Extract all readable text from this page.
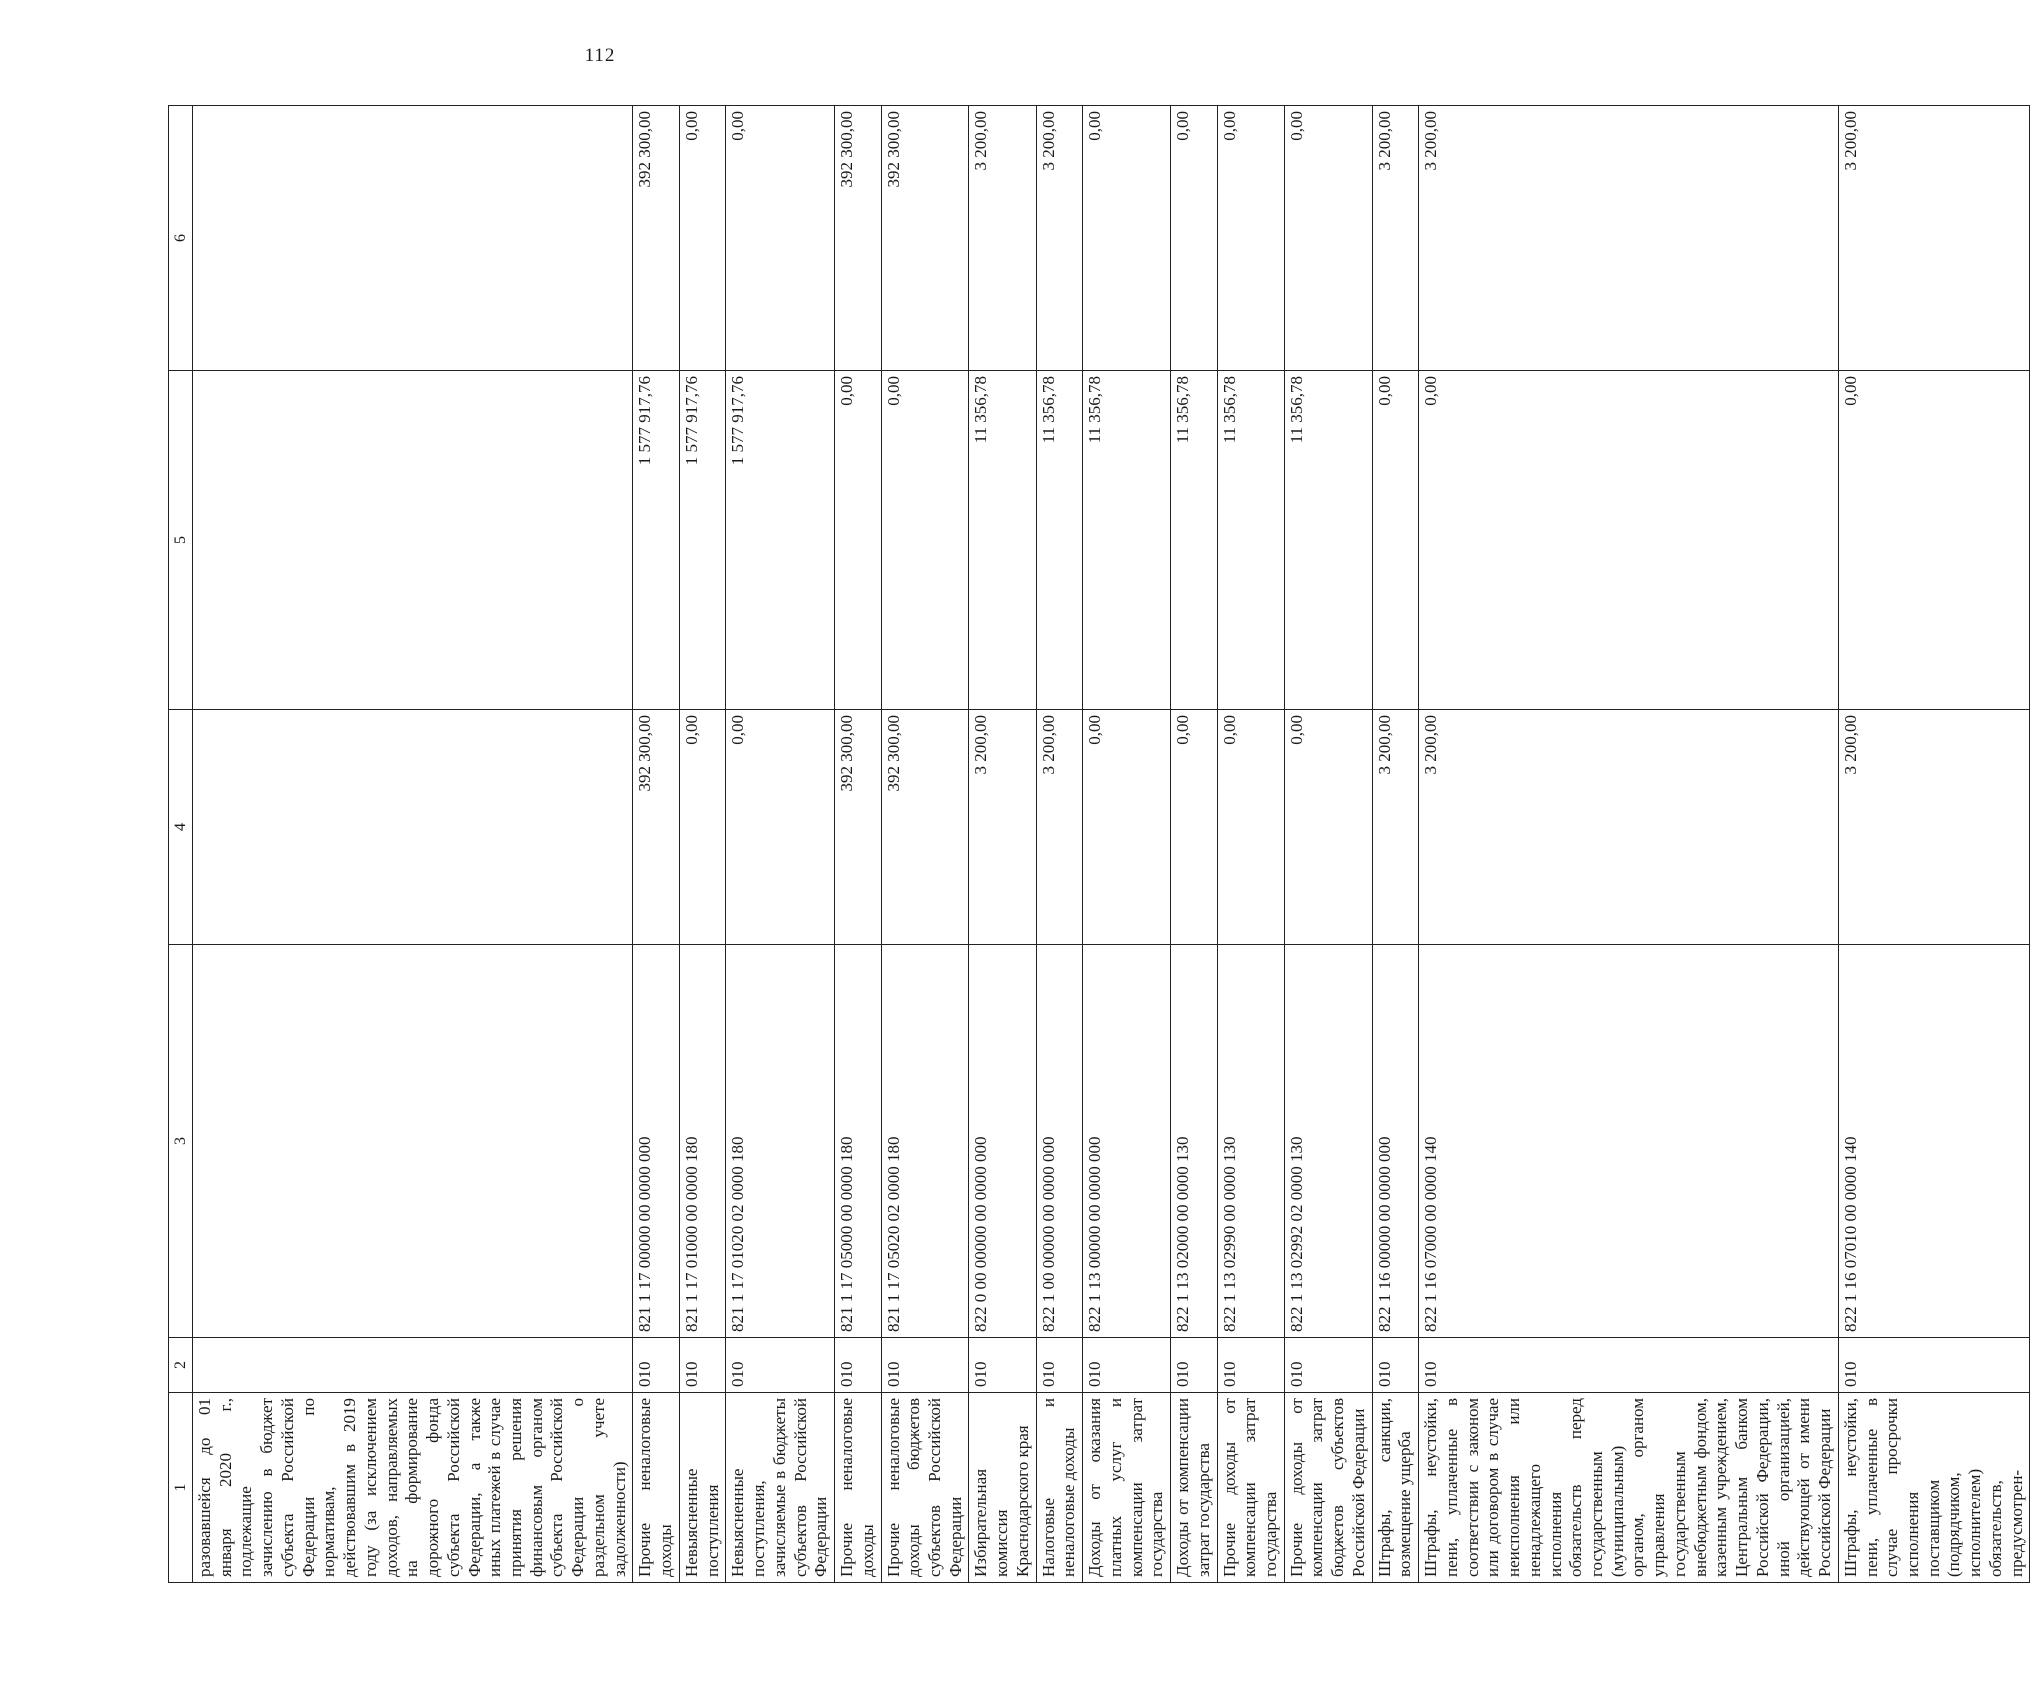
112
1	2	3	4	5	6
разовавшейся до 01 января 2020 г., подлежащие зачислению в бюджет субъекта Российской Федерации по нормативам, действовавшим в 2019 году (за исключением доходов, направляемых на формирование дорожного фонда субъекта Российской Федерации, а также иных платежей в случае принятия решения финансовым органом субъекта Российской Федерации о раздельном учете задолженности)					
Прочие неналоговые доходы	010	821 1 17 00000 00 0000 000	392 300,00	1 577 917,76	392 300,00
Невыясненные поступления	010	821 1 17 01000 00 0000 180	0,00	1 577 917,76	0,00
Невыясненные поступления, зачисляемые в бюджеты субъектов Российской Федерации	010	821 1 17 01020 02 0000 180	0,00	1 577 917,76	0,00
Прочие неналоговые доходы	010	821 1 17 05000 00 0000 180	392 300,00	0,00	392 300,00
Прочие неналоговые доходы бюджетов субъектов Российской Федерации	010	821 1 17 05020 02 0000 180	392 300,00	0,00	392 300,00
Избирательная комиссия Краснодарского края	010	822 0 00 00000 00 0000 000	3 200,00	11 356,78	3 200,00
Налоговые и неналоговые доходы	010	822 1 00 00000 00 0000 000	3 200,00	11 356,78	3 200,00
Доходы от оказания платных услуг и компенсации затрат государства	010	822 1 13 00000 00 0000 000	0,00	11 356,78	0,00
Доходы от компенсации затрат государства	010	822 1 13 02000 00 0000 130	0,00	11 356,78	0,00
Прочие доходы от компенсации затрат государства	010	822 1 13 02990 00 0000 130	0,00	11 356,78	0,00
Прочие доходы от компенсации затрат бюджетов субъектов Российской Федерации	010	822 1 13 02992 02 0000 130	0,00	11 356,78	0,00
Штрафы, санкции, возмещение ущерба	010	822 1 16 00000 00 0000 000	3 200,00	0,00	3 200,00
Штрафы, неустойки, пени, уплаченные в соответствии с законом или договором в случае неисполнения или ненадлежащего исполнения обязательств перед государственным (муниципальным) органом, органом управления государственным внебюджетным фондом, казенным учреждением, Центральным банком Российской Федерации, иной организацией, действующей от имени Российской Федерации	010	822 1 16 07000 00 0000 140	3 200,00	0,00	3 200,00
Штрафы, неустойки, пени, уплаченные в случае просрочки исполнения поставщиком (подрядчиком, исполнителем) обязательств, предусмотрен-	010	822 1 16 07010 00 0000 140	3 200,00	0,00	3 200,00
